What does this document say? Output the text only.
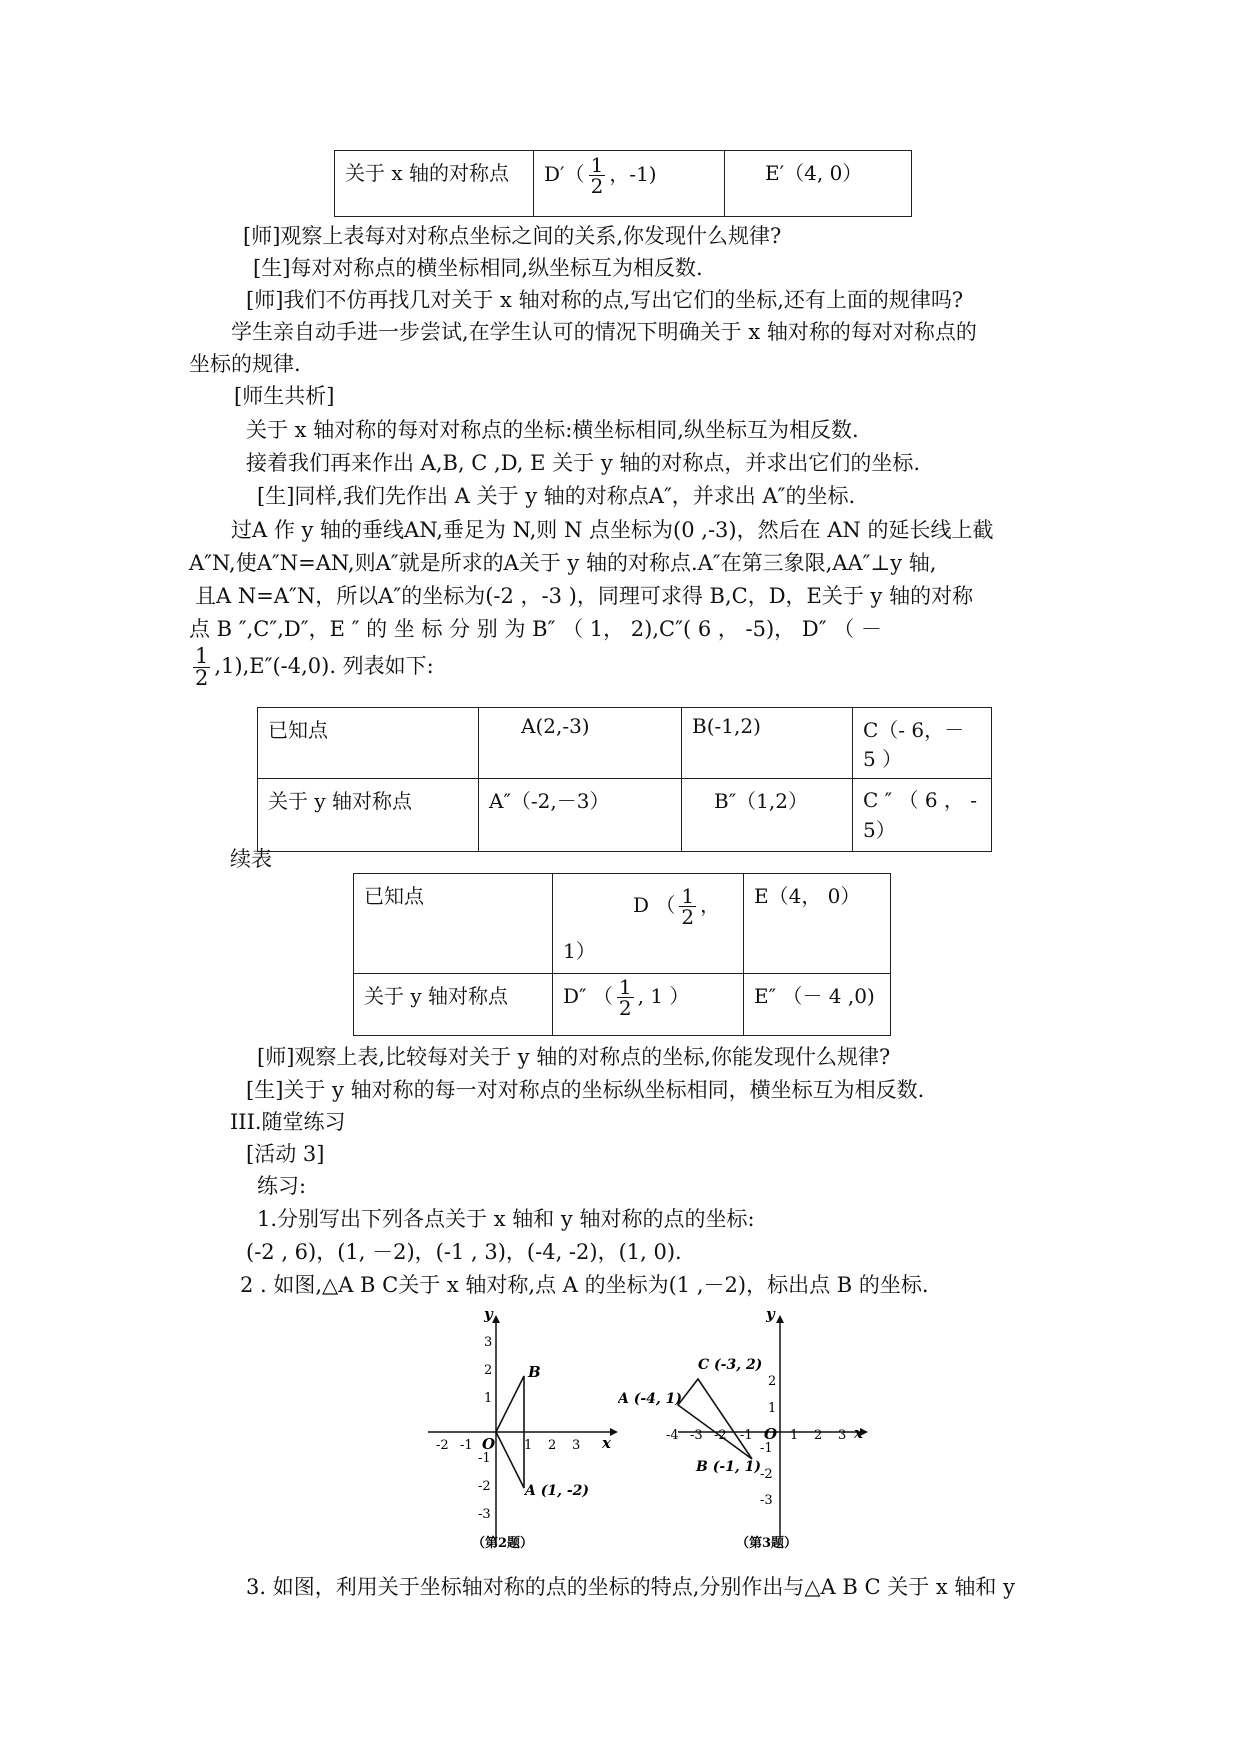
关于 x 轴的对称点	$D'( \frac{1}{2}$ ，-1)	E′（4, 0）
[师]观察上表每对对称点坐标之间的关系,你发现什么规律?
[生]每对对称点的横坐标相同,纵坐标互为相反数.
[师]我们不仿再找几对关于 x 轴对称的点,写出它们的坐标,还有上面的规律吗?
学生亲自动手进一步尝试,在学生认可的情况下明确关于 x 轴对称的每对对称点的
坐标的规律.
[师生共析]
关于 x 轴对称的每对对称点的坐标:横坐标相同,纵坐标互为相反数.
接着我们再来作出 A,B, C ,D, E 关于 y 轴的对称点，并求出它们的坐标.
[生]同样,我们先作出 A 关于 y 轴的对称点A″，并求出 A″的坐标.
过A 作 y 轴的垂线AN,垂足为 N,则 N 点坐标为(0 ,-3)，然后在 AN 的延长线上截
A″N,使A″N=AN,则A″就是所求的A关于 y 轴的对称点.A″在第三象限,AA″⊥y 轴,
且A N=A″N，所以A″的坐标为(-2 ，-3 )，同理可求得 B,C，D，E关于 y 轴的对称
点 B ″,C″,D″，E ″ 的 坐 标 分 别 为 B″ （ 1， 2),C″( 6 ， -5)， D″ （ －
$\frac{1}{2} ,1),E''(-4,0)$. 列表如下:
已知点	A(2,-3)	B(-1,2)	C（- 6，－ 5 ）
关于 y 轴对称点	A″（-2,－3）	B″（1,2）	C ″ （ 6 ， -
5）
续表
已知点	D （ $\frac{1}{2}$ ，
1）	E（4， 0）
关于 y 轴对称点	D″ （ $\frac{1}{2}$ , 1 ）	E″ （－ 4 ,0)
[师]观察上表,比较每对关于 y 轴的对称点的坐标,你能发现什么规律?
[生]关于 y 轴对称的每一对对称点的坐标纵坐标相同，横坐标互为相反数.
III.随堂练习
[活动 3]
练习:
1.分别写出下列各点关于 x 轴和 y 轴对称的点的坐标:
(-2 , 6)，(1, －2)，(-1 , 3)，(-4, -2)，(1, 0).
2 . 如图,△A B C关于 x 轴对称,点 A 的坐标为(1 ,－2)，标出点 B 的坐标.
y
x
O
-2 -1	1 2 3
3
2
1
-1
-2
-3
B
A (1, -2)
（第2题）
y
x
O
-4 -3 -2 -1	1 2 3
2
1
-1
-2
-3
C (-3, 2)
A (-4, 1)
B (-1, 1)
（第3题）
3. 如图，利用关于坐标轴对称的点的坐标的特点,分别作出与△A B C 关于 x 轴和 y
